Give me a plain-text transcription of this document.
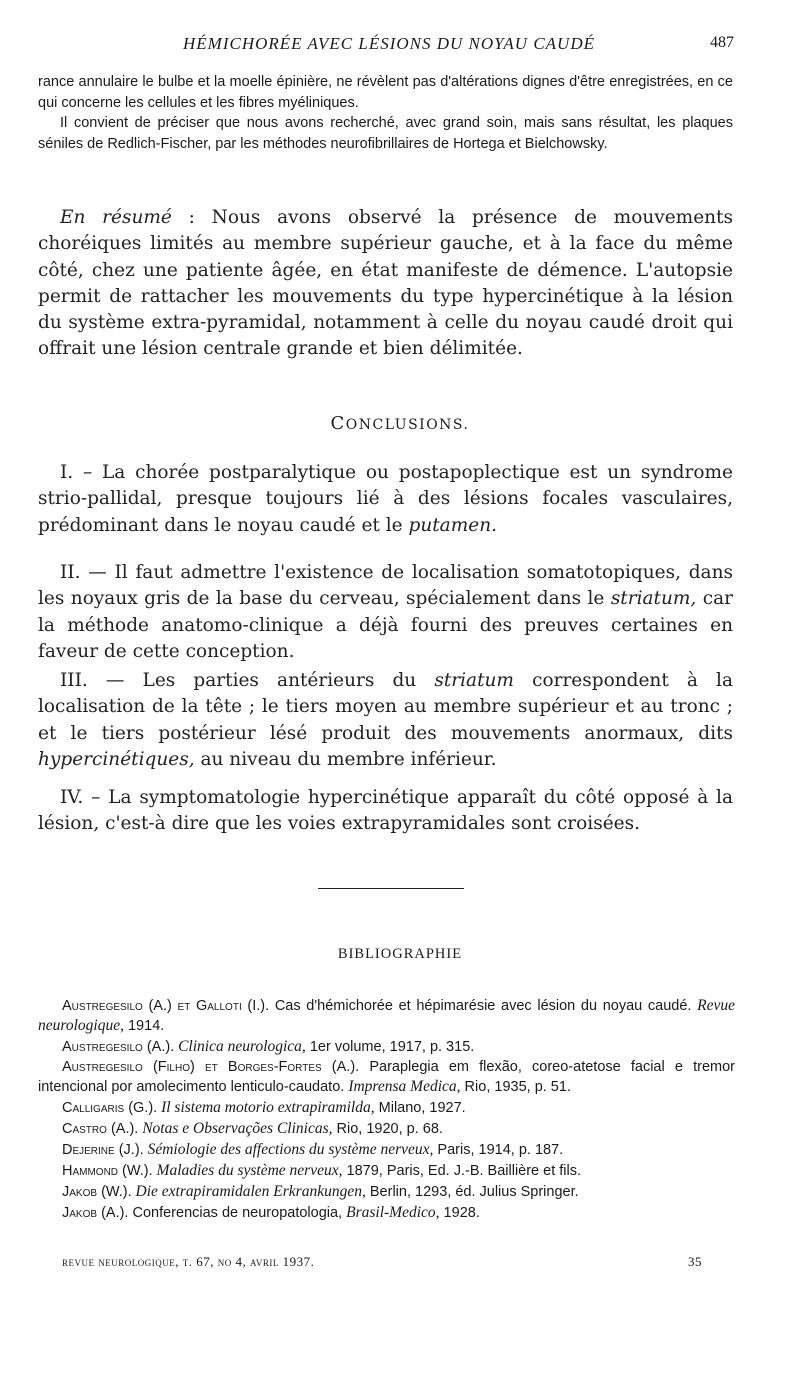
HÉMICHORÉE AVEC LÉSIONS DU NOYAU CAUDÉ	487

rance annulaire le bulbe et la moelle épinière, ne révèlent pas d'altérations dignes d'être enregistrées, en ce qui concerne les cellules et les fibres myéliniques.

Il convient de préciser que nous avons recherché, avec grand soin, mais sans résultat, les plaques séniles de Redlich-Fischer, par les méthodes neurofibrillaires de Hortega et Bielchowsky.

En résumé : Nous avons observé la présence de mouvements choréiques limités au membre supérieur gauche, et à la face du même côté, chez une patiente âgée, en état manifeste de démence. L'autopsie permit de rattacher les mouvements du type hypercinétique à la lésion du système extra-pyramidal, notamment à celle du noyau caudé droit qui offrait une lésion centrale grande et bien délimitée.

CONCLUSIONS.

I. – La chorée postparalytique ou postapoplectique est un syndrome strio-pallidal, presque toujours lié à des lésions focales vasculaires, prédominant dans le noyau caudé et le putamen.

II. — Il faut admettre l'existence de localisation somatotopiques, dans les noyaux gris de la base du cerveau, spécialement dans le striatum, car la méthode anatomo-clinique a déjà fourni des preuves certaines en faveur de cette conception.

III. — Les parties antérieurs du striatum correspondent à la localisation de la tête ; le tiers moyen au membre supérieur et au tronc ; et le tiers postérieur lésé produit des mouvements anormaux, dits hypercinétiques, au niveau du membre inférieur.

IV. – La symptomatologie hypercinétique apparaît du côté opposé à la lésion, c'est-à dire que les voies extrapyramidales sont croisées.

BIBLIOGRAPHIE

Austregesilo (A.) et Galloti (I.). Cas d'hémichorée et hépimarésie avec lésion du noyau caudé. Revue neurologique, 1914.

Austregesilo (A.). Clinica neurologica, 1er volume, 1917, p. 315.

Austregesilo (Filho) et Borges-Fortes (A.). Paraplegia em flexão, coreo-atetose facial e tremor intencional por amolecimento lenticulo-caudato. Imprensa Medica, Rio, 1935, p. 51.

Calligaris (G.). Il sistema motorio extrapiramilda, Milano, 1927.

Castro (A.). Notas e Observações Clinicas, Rio, 1920, p. 68.

Dejerine (J.). Sémiologie des affections du système nerveux, Paris, 1914, p. 187.

Hammond (W.). Maladies du système nerveux, 1879, Paris, Ed. J.-B. Baillière et fils.

Jakob (W.). Die extrapiramidalen Erkrankungen, Berlin, 1293, éd. Julius Springer.

Jakob (A.). Conferencias de neuropatologia, Brasil-Medico, 1928.

revue neurologique, t. 67, no 4, avril 1937.	35
